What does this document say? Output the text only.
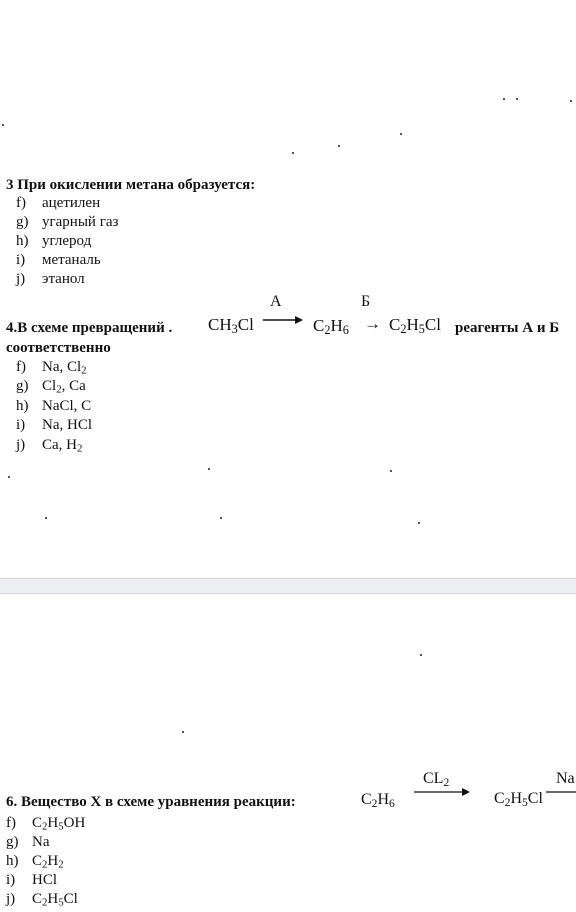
3 При окислении метана образуется:
f)	ацетилен
g) угарный газ
h) углерод
i)	метаналь
j)	этанол
4.В схеме превращений .
А	Б
$CH_3Cl$	$C_2H_6 \to C_2H_5Cl$ реагенты А и Б
соответственно
f)	Na, $Cl_2$
g) $Cl_2$, Ca
h) NaCl, C
i)	Na, HCl
j)	Ca, $H_2$
$CL_2$	Na
6. Вещество X в схеме уравнения реакции:	$C_2H_6$	$C_2H_5Cl$
f)	$C_2H_5OH$
g) Na
h) $C_2H_2$
i)	HCl
j)	$C_2H_5Cl$
